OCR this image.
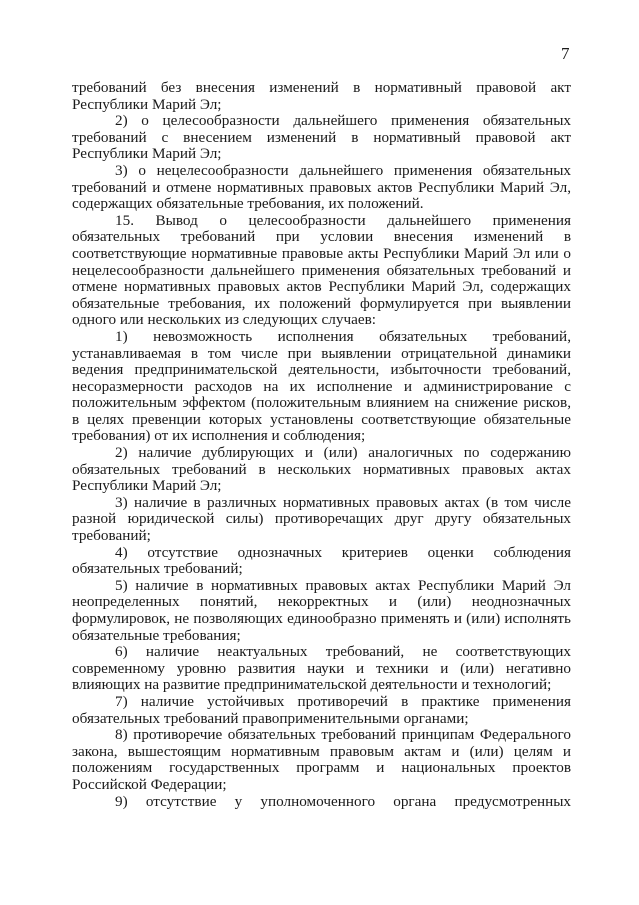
7

требований без внесения изменений в нормативный правовой акт Республики Марий Эл;

2) о целесообразности дальнейшего применения обязательных требований с внесением изменений в нормативный правовой акт Республики Марий Эл;

3) о нецелесообразности дальнейшего применения обязательных требований и отмене нормативных правовых актов Республики Марий Эл, содержащих обязательные требования, их положений.

15. Вывод о целесообразности дальнейшего применения обязательных требований при условии внесения изменений в соответствующие нормативные правовые акты Республики Марий Эл или о нецелесообразности дальнейшего применения обязательных требований и отмене нормативных правовых актов Республики Марий Эл, содержащих обязательные требования, их положений формулируется при выявлении одного или нескольких из следующих случаев:

1) невозможность исполнения обязательных требований, устанавливаемая в том числе при выявлении отрицательной динамики ведения предпринимательской деятельности, избыточности требований, несоразмерности расходов на их исполнение и администрирование с положительным эффектом (положительным влиянием на снижение рисков, в целях превенции которых установлены соответствующие обязательные требования) от их исполнения и соблюдения;

2) наличие дублирующих и (или) аналогичных по содержанию обязательных требований в нескольких нормативных правовых актах Республики Марий Эл;

3) наличие в различных нормативных правовых актах (в том числе разной юридической силы) противоречащих друг другу обязательных требований;

4) отсутствие однозначных критериев оценки соблюдения обязательных требований;

5) наличие в нормативных правовых актах Республики Марий Эл неопределенных понятий, некорректных и (или) неоднозначных формулировок, не позволяющих единообразно применять и (или) исполнять обязательные требования;

6) наличие неактуальных требований, не соответствующих современному уровню развития науки и техники и (или) негативно влияющих на развитие предпринимательской деятельности и технологий;

7) наличие устойчивых противоречий в практике применения обязательных требований правоприменительными органами;

8) противоречие обязательных требований принципам Федерального закона, вышестоящим нормативным правовым актам и (или) целям и положениям государственных программ и национальных проектов Российской Федерации;

9) отсутствие у уполномоченного органа предусмотренных
